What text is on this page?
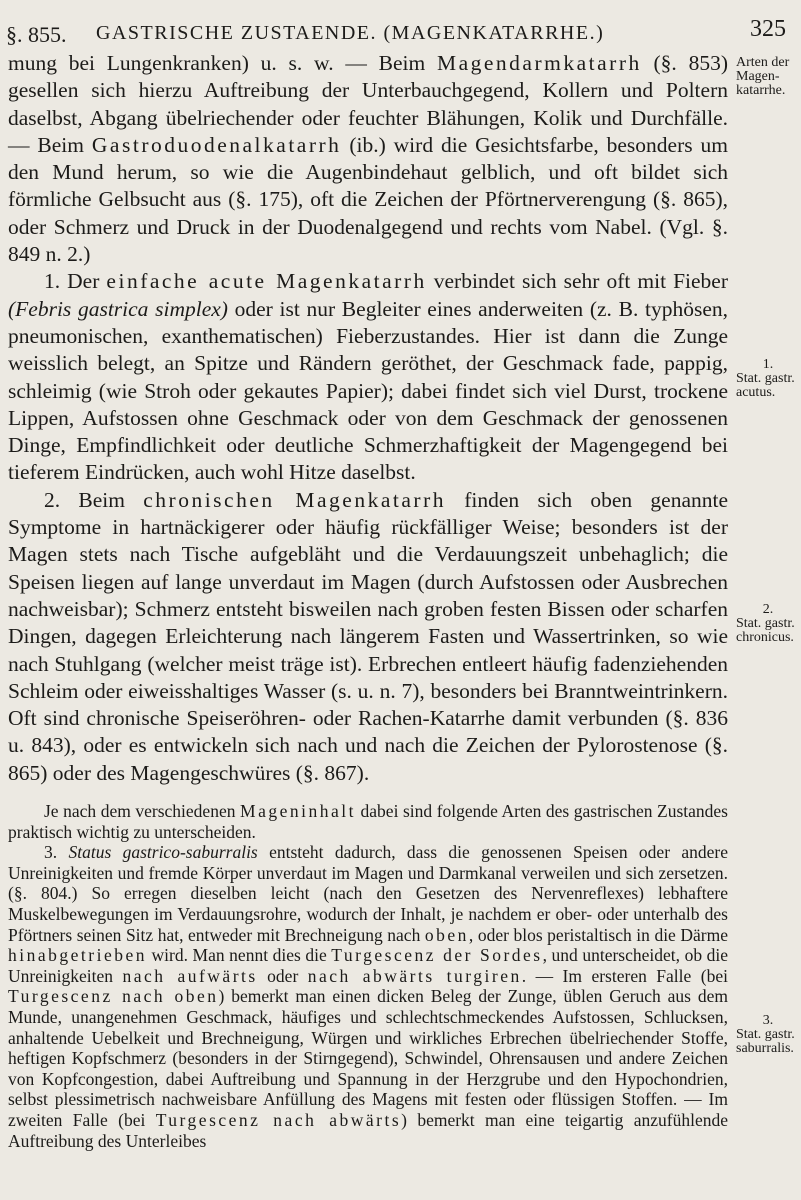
§. 855. GASTRISCHE ZUSTAENDE. (MAGENKATARRHE.)	325
Arten der Magen-katarrhe.
1.
Stat. gastr. acutus.
2.
Stat. gastr. chronicus.
3.
Stat. gastr. saburralis.

mung bei Lungenkranken) u. s. w. — Beim Magendarmkatarrh (§. 853) gesellen sich hierzu Auftreibung der Unterbauchgegend, Kollern und Poltern daselbst, Abgang übelriechender oder feuchter Blähungen, Kolik und Durchfälle. — Beim Gastroduodenalkatarrh (ib.) wird die Gesichtsfarbe, besonders um den Mund herum, so wie die Augenbindehaut gelblich, und oft bildet sich förmliche Gelbsucht aus (§. 175), oft die Zeichen der Pförtnerverengung (§. 865), oder Schmerz und Druck in der Duodenalgegend und rechts vom Nabel. (Vgl. §. 849 n. 2.)

1. Der einfache acute Magenkatarrh verbindet sich sehr oft mit Fieber (Febris gastrica simplex) oder ist nur Begleiter eines anderweiten (z. B. typhösen, pneumonischen, exanthematischen) Fieberzustandes. Hier ist dann die Zunge weisslich belegt, an Spitze und Rändern geröthet, der Geschmack fade, pappig, schleimig (wie Stroh oder gekautes Papier); dabei findet sich viel Durst, trockene Lippen, Aufstossen ohne Geschmack oder von dem Geschmack der genossenen Dinge, Empfindlichkeit oder deutliche Schmerzhaftigkeit der Magengegend bei tieferem Eindrücken, auch wohl Hitze daselbst.

2. Beim chronischen Magenkatarrh finden sich oben genannte Symptome in hartnäckigerer oder häufig rückfälliger Weise; besonders ist der Magen stets nach Tische aufgebläht und die Verdauungszeit unbehaglich; die Speisen liegen auf lange unverdaut im Magen (durch Aufstossen oder Ausbrechen nachweisbar); Schmerz entsteht bisweilen nach groben festen Bissen oder scharfen Dingen, dagegen Erleichterung nach längerem Fasten und Wassertrinken, so wie nach Stuhlgang (welcher meist träge ist). Erbrechen entleert häufig fadenziehenden Schleim oder eiweisshaltiges Wasser (s. u. n. 7), besonders bei Branntweintrinkern. Oft sind chronische Speiseröhren- oder Rachen-Katarrhe damit verbunden (§. 836 u. 843), oder es entwickeln sich nach und nach die Zeichen der Pylorostenose (§. 865) oder des Magengeschwüres (§. 867).

Je nach dem verschiedenen Mageninhalt dabei sind folgende Arten des gastrischen Zustandes praktisch wichtig zu unterscheiden.

3. Status gastrico-saburralis entsteht dadurch, dass die genossenen Speisen oder andere Unreinigkeiten und fremde Körper unverdaut im Magen und Darmkanal verweilen und sich zersetzen. (§. 804.) So erregen dieselben leicht (nach den Gesetzen des Nervenreflexes) lebhaftere Muskelbewegungen im Verdauungsrohre, wodurch der Inhalt, je nachdem er ober- oder unterhalb des Pförtners seinen Sitz hat, entweder mit Brechneigung nach oben, oder blos peristaltisch in die Därme hinabgetrieben wird. Man nennt dies die Turgescenz der Sordes, und unterscheidet, ob die Unreinigkeiten nach aufwärts oder nach abwärts turgiren. — Im ersteren Falle (bei Turgescenz nach oben) bemerkt man einen dicken Beleg der Zunge, üblen Geruch aus dem Munde, unangenehmen Geschmack, häufiges und schlechtschmeckendes Aufstossen, Schlucksen, anhaltende Uebelkeit und Brechneigung, Würgen und wirkliches Erbrechen übelriechender Stoffe, heftigen Kopfschmerz (besonders in der Stirngegend), Schwindel, Ohrensausen und andere Zeichen von Kopfcongestion, dabei Auftreibung und Spannung in der Herzgrube und den Hypochondrien, selbst plessimetrisch nachweisbare Anfüllung des Magens mit festen oder flüssigen Stoffen. — Im zweiten Falle (bei Turgescenz nach abwärts) bemerkt man eine teigartig anzufühlende Auftreibung des Unterleibes
